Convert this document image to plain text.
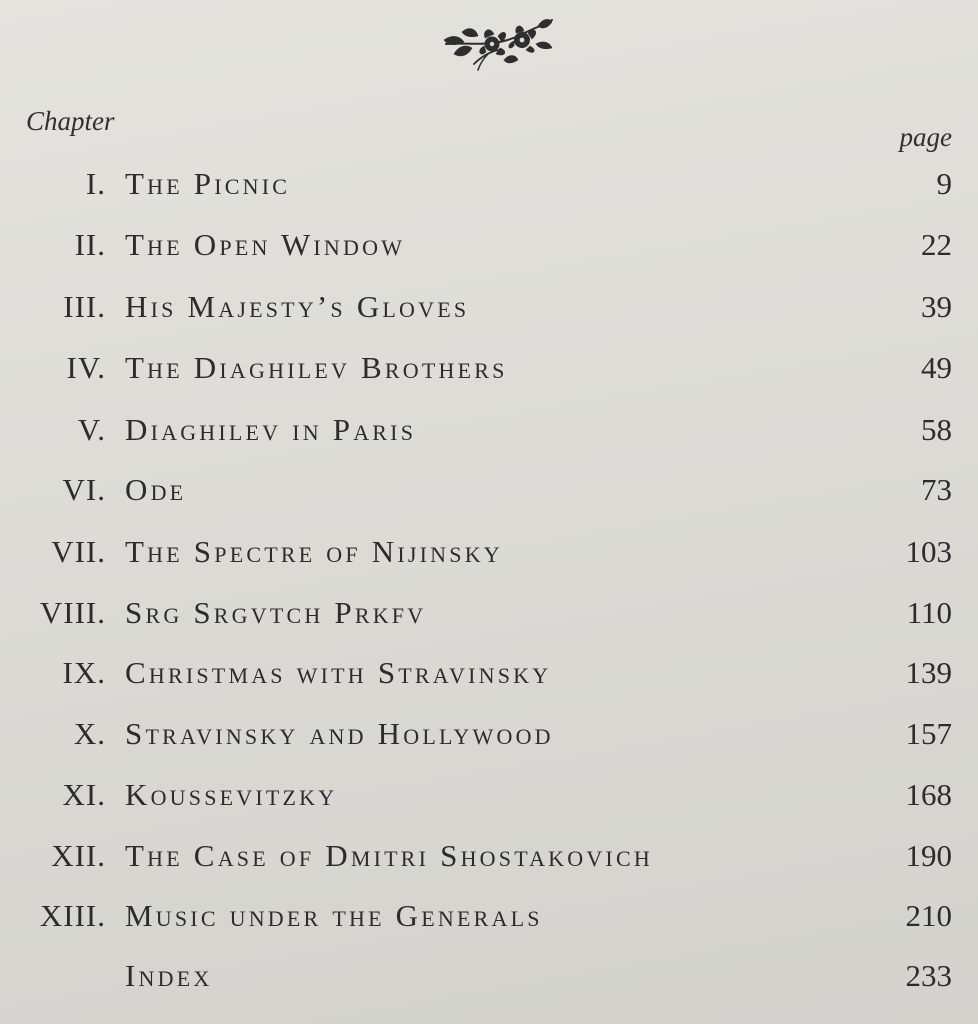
Chapter
page
I. The Picnic	9
II. The Open Window	22
III. His Majesty’s Gloves	39
IV. The Diaghilev Brothers	49
V. Diaghilev in Paris	58
VI. Ode	73
VII. The Spectre of Nijinsky	103
VIII. Srg Srgvtch Prkfv	110
IX. Christmas with Stravinsky	139
X. Stravinsky and Hollywood	157
XI. Koussevitzky	168
XII. The Case of Dmitri Shostakovich	190
XIII. Music under the Generals	210
Index	233
